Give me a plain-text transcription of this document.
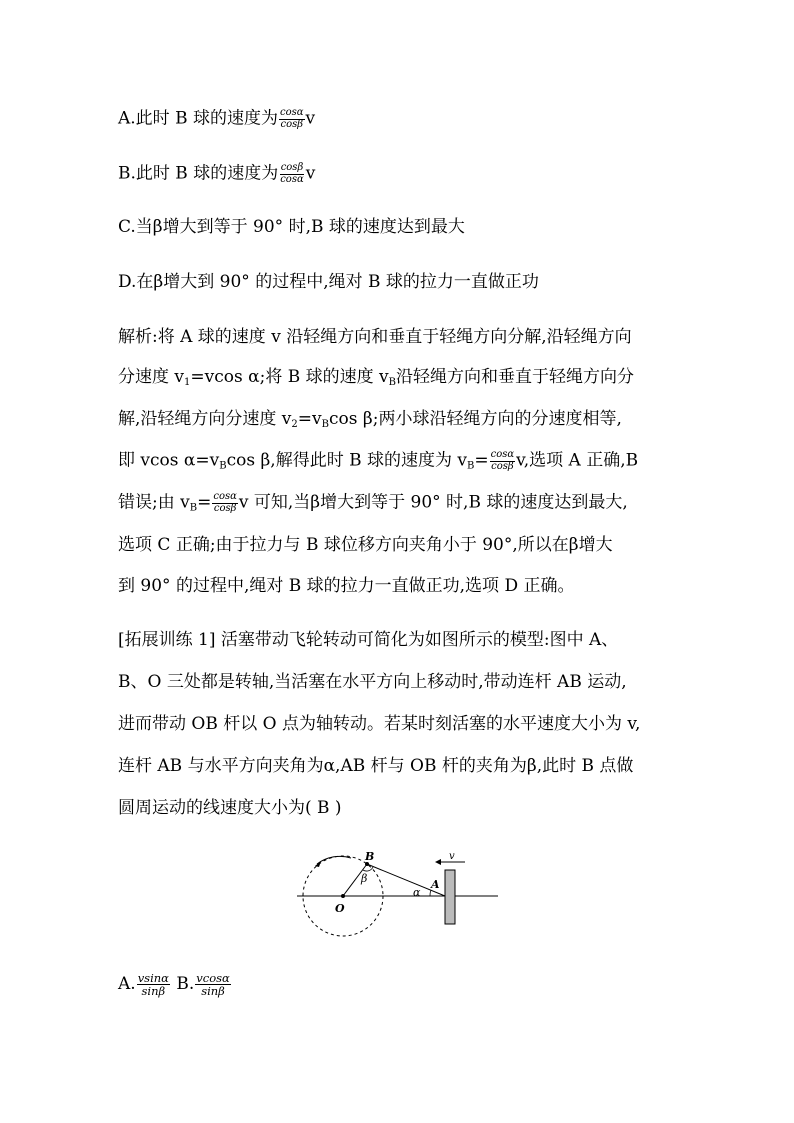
A.此时 B 球的速度为 $\frac{\cos\alpha}{\cos\beta}$ v
B.此时 B 球的速度为 $\frac{\cos\beta}{\cos\alpha}$ v
C.当β增大到等于 90° 时,B 球的速度达到最大
D.在β增大到 90° 的过程中,绳对 B 球的拉力一直做正功
解析:将 A 球的速度 v 沿轻绳方向和垂直于轻绳方向分解,沿轻绳方向
分速度 $v_1=vcos$ α;将 B 球的速度 $v_B$沿轻绳方向和垂直于轻绳方向分
解,沿轻绳方向分速度 $v_2=v_B\cos$ β;两小球沿轻绳方向的分速度相等,
即 vcos $\alpha=v_B\cos$ β,解得此时 B 球的速度为 $v_B= \frac{\cos\alpha}{\cos\beta} v$,选项 A 正确,B
错误;由 $v_B= \frac{\cos\alpha}{\cos\beta}$ v 可知,当β增大到等于 90° 时,B 球的速度达到最大,
选项 C 正确;由于拉力与 B 球位移方向夹角小于 90°,所以在β增大
到 90° 的过程中,绳对 B 球的拉力一直做正功,选项 D 正确。
[拓展训练 1] 活塞带动飞轮转动可简化为如图所示的模型:图中 A、
B、O 三处都是转轴,当活塞在水平方向上移动时,带动连杆 AB 运动,
进而带动 OB 杆以 O 点为轴转动。若某时刻活塞的水平速度大小为 v,
连杆 AB 与水平方向夹角为α,AB 杆与 OB 杆的夹角为β,此时 B 点做
圆周运动的线速度大小为( B )
B
O
A
β
α
v
A. $\frac{vsin\alpha}{\sin\beta} B$. $\frac{vcos\alpha}{\sin\beta}$
